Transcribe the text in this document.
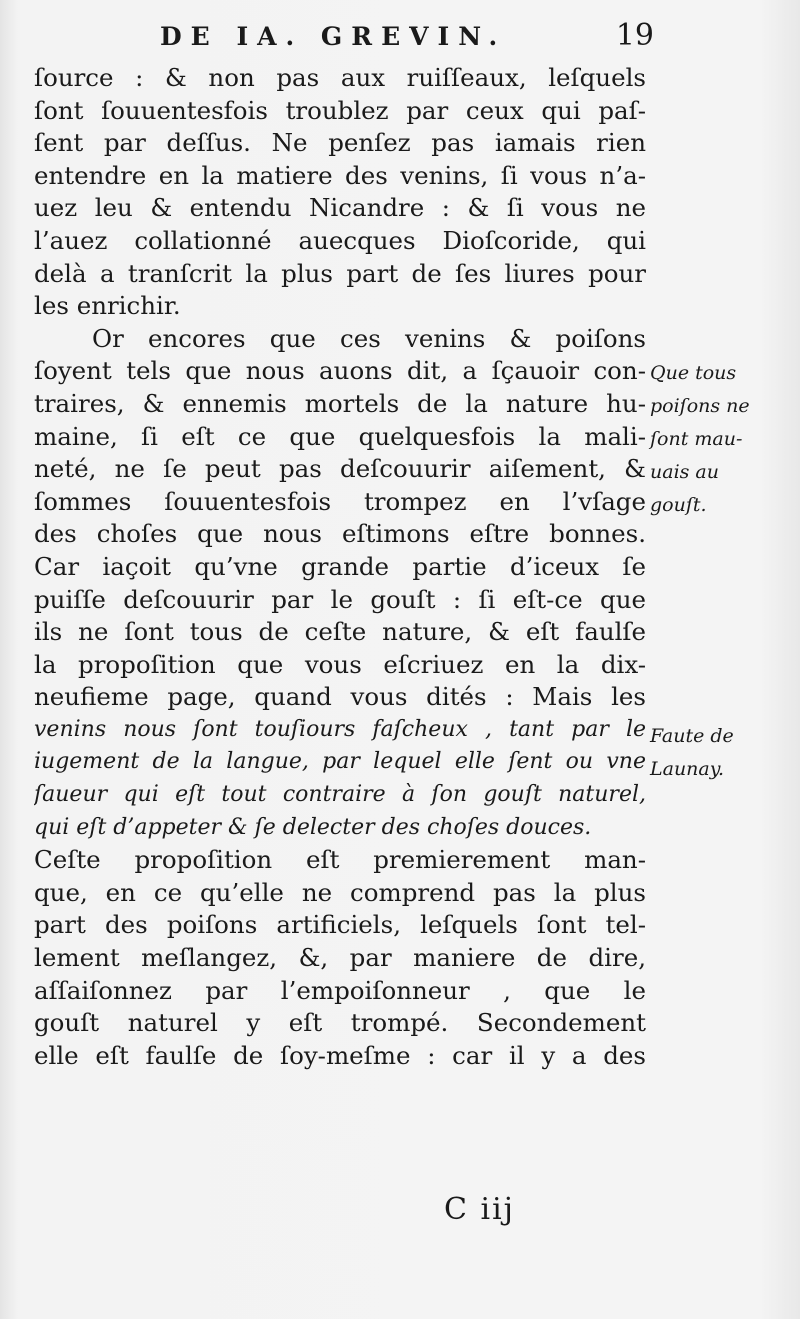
DE IA. GREVIN.	19
ſource : & non pas aux ruiſſeaux, leſquels
ſont ſouuentesfois troublez par ceux qui paſ-
ſent par deſſus. Ne penſez pas iamais rien
entendre en la matiere des venins, ſi vous n’a-
uez leu & entendu Nicandre : & ſi vous ne
l’auez collationné auecques Dioſcoride, qui
delà a tranſcrit la plus part de ſes liures pour
les enrichir.
Or encores que ces venins & poiſons
ſoyent tels que nous auons dit, a ſçauoir con-
traires, & ennemis mortels de la nature hu-
maine, ſi eſt ce que quelquesfois la mali-
neté, ne ſe peut pas deſcouurir aiſement, &
ſommes ſouuentesfois trompez en l’vſage
des choſes que nous eſtimons eſtre bonnes.
Car iaçoit qu’vne grande partie d’iceux ſe
puiſſe deſcouurir par le gouſt : ſi eſt-ce que
ils ne ſont tous de ceſte nature, & eſt faulſe
la propoſition que vous eſcriuez en la dix-
neufieme page, quand vous dités : Mais les
venins nous ſont touſiours faſcheux , tant par le
iugement de la langue, par lequel elle ſent ou vne
ſaueur qui eſt tout contraire à ſon gouſt naturel,
qui eſt d’appeter & ſe delecter des choſes douces.
Ceſte propoſition eſt premierement man-
que, en ce qu’elle ne comprend pas la plus
part des poiſons artificiels, leſquels ſont tel-
lement meſlangez, &, par maniere de dire,
aſſaiſonnez par l’empoiſonneur , que le
gouſt naturel y eſt trompé. Secondement
elle eſt faulſe de ſoy-meſme : car il y a des
Que tous
poiſons ne
ſont mau-
uais au
gouſt.
Faute de
Launay.
C iij
